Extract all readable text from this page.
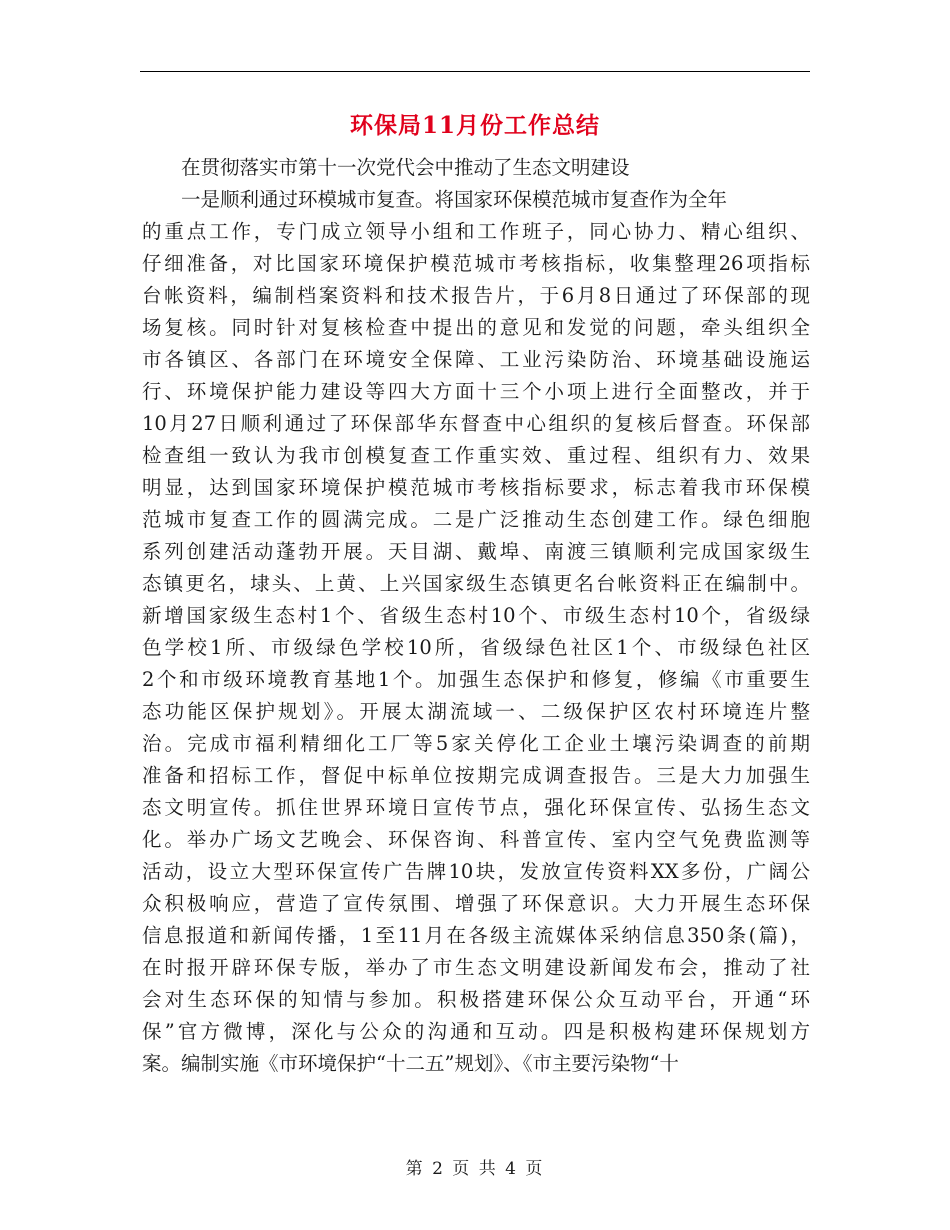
环保局11月份工作总结
在贯彻落实市第十一次党代会中推动了生态文明建设
一是顺利通过环模城市复查。将国家环保模范城市复查作为全年
的重点工作，专门成立领导小组和工作班子，同心协力、精心组织、
仔细准备，对比国家环境保护模范城市考核指标，收集整理26项指标
台帐资料，编制档案资料和技术报告片，于6月8日通过了环保部的现
场复核。同时针对复核检查中提出的意见和发觉的问题，牵头组织全
市各镇区、各部门在环境安全保障、工业污染防治、环境基础设施运
行、环境保护能力建设等四大方面十三个小项上进行全面整改，并于
10月27日顺利通过了环保部华东督查中心组织的复核后督查。环保部
检查组一致认为我市创模复查工作重实效、重过程、组织有力、效果
明显，达到国家环境保护模范城市考核指标要求，标志着我市环保模
范城市复查工作的圆满完成。二是广泛推动生态创建工作。绿色细胞
系列创建活动蓬勃开展。天目湖、戴埠、南渡三镇顺利完成国家级生
态镇更名，埭头、上黄、上兴国家级生态镇更名台帐资料正在编制中。
新增国家级生态村1个、省级生态村10个、市级生态村10个，省级绿
色学校1所、市级绿色学校10所，省级绿色社区1个、市级绿色社区
2个和市级环境教育基地1个。加强生态保护和修复，修编《市重要生
态功能区保护规划》。开展太湖流域一、二级保护区农村环境连片整
治。完成市福利精细化工厂等5家关停化工企业土壤污染调查的前期
准备和招标工作，督促中标单位按期完成调查报告。三是大力加强生
态文明宣传。抓住世界环境日宣传节点，强化环保宣传、弘扬生态文
化。举办广场文艺晚会、环保咨询、科普宣传、室内空气免费监测等
活动，设立大型环保宣传广告牌10块，发放宣传资料XX多份，广阔公
众积极响应，营造了宣传氛围、增强了环保意识。大力开展生态环保
信息报道和新闻传播，1至11月在各级主流媒体采纳信息350条(篇)，
在时报开辟环保专版，举办了市生态文明建设新闻发布会，推动了社
会对生态环保的知情与参加。积极搭建环保公众互动平台，开通“环
保”官方微博，深化与公众的沟通和互动。四是积极构建环保规划方
案。编制实施《市环境保护“十二五”规划》、《市主要污染物“十
第 2 页 共 4 页
